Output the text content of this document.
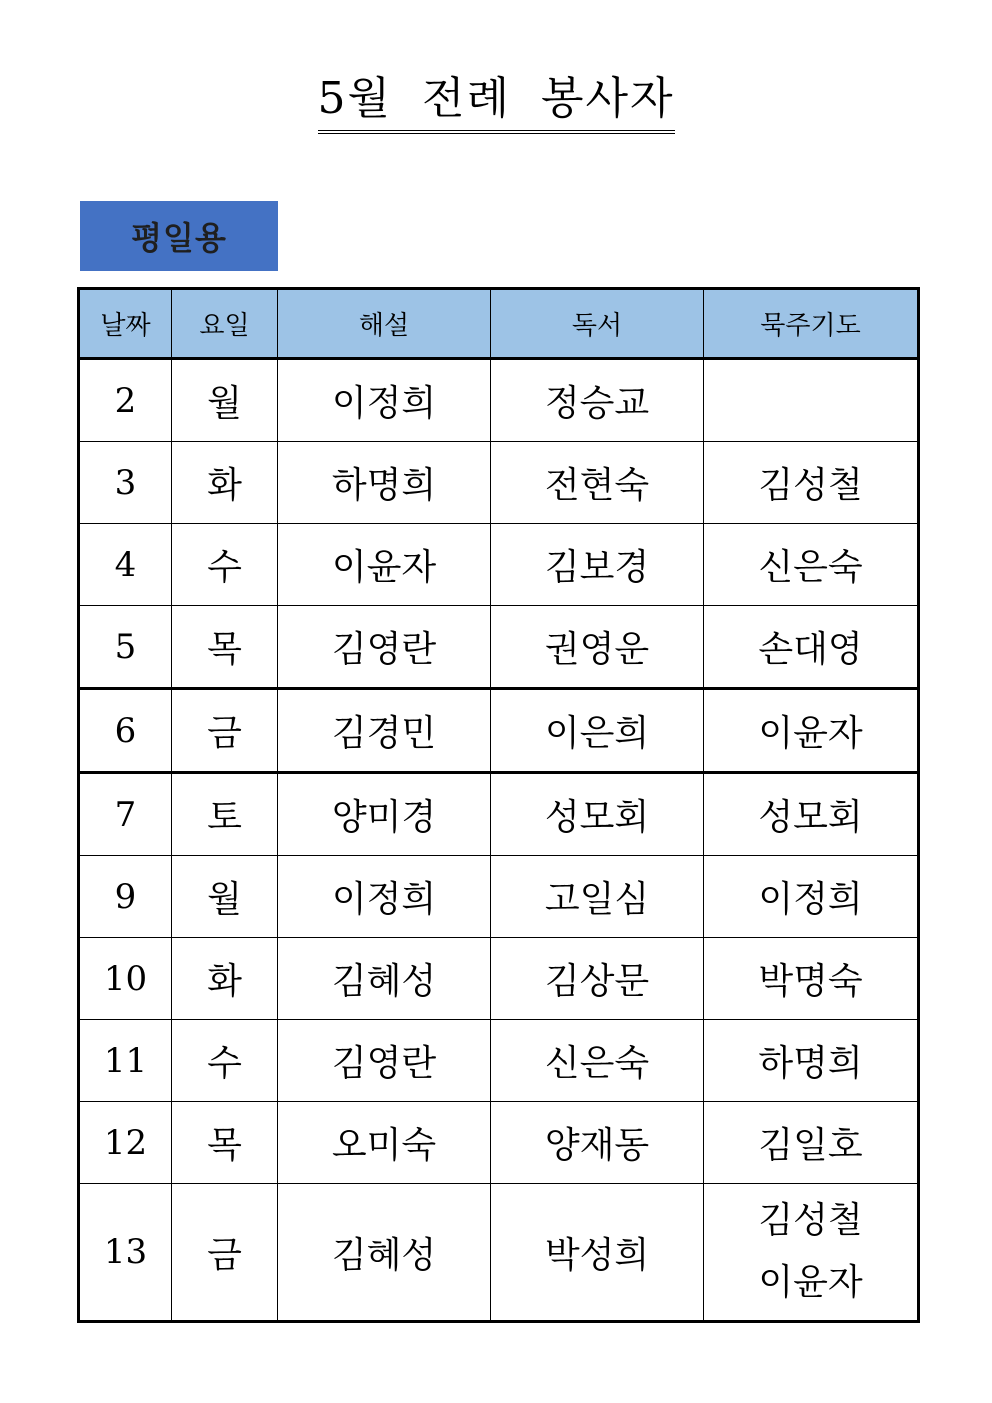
5월 전례 봉사자
평일용
날짜	요일	해설	독서	묵주기도
2	월	이정희	정승교	

3	화	하명희	전현숙	김성철

4	수	이윤자	김보경	신은숙

5	목	김영란	권영운	손대영

6	금	김경민	이은희	이윤자

7	토	양미경	성모회	성모회

9	월	이정희	고일심	이정희

10	화	김혜성	김상문	박명숙

11	수	김영란	신은숙	하명희

12	목	오미숙	양재동	김일호

13	금	김혜성	박성희	김성철
이윤자
